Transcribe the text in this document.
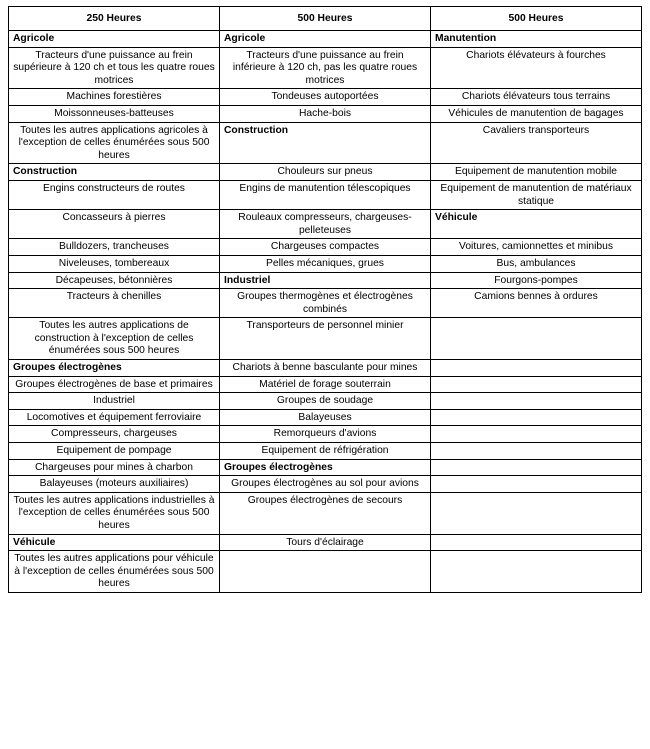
250 Heures	500 Heures	500 Heures
Agricole	Agricole	Manutention
Tracteurs d'une puissance au frein supérieure à 120 ch et tous les quatre roues motrices	Tracteurs d'une puissance au frein inférieure à 120 ch, pas les quatre roues motrices	Chariots élévateurs à fourches
Machines forestières	Tondeuses autoportées	Chariots élévateurs tous terrains
Moissonneuses-batteuses	Hache-bois	Véhicules de manutention de bagages
Toutes les autres applications agricoles à l'exception de celles énumérées sous 500 heures	Construction	Cavaliers transporteurs
Construction	Chouleurs sur pneus	Equipement de manutention mobile
Engins constructeurs de routes	Engins de manutention télescopiques	Equipement de manutention de matériaux statique
Concasseurs à pierres	Rouleaux compresseurs, chargeuses-pelleteuses	Véhicule
Bulldozers, trancheuses	Chargeuses compactes	Voitures, camionnettes et minibus
Niveleuses, tombereaux	Pelles mécaniques, grues	Bus, ambulances
Décapeuses, bétonnières	Industriel	Fourgons-pompes
Tracteurs à chenilles	Groupes thermogènes et électrogènes combinés	Camions bennes à ordures
Toutes les autres applications de construction à l'exception de celles énumérées sous 500 heures	Transporteurs de personnel minier	
Groupes électrogènes	Chariots à benne basculante pour mines	
Groupes électrogènes de base et primaires	Matériel de forage souterrain	
Industriel	Groupes de soudage	
Locomotives et équipement ferroviaire	Balayeuses	
Compresseurs, chargeuses	Remorqueurs d'avions	
Equipement de pompage	Equipement de réfrigération	
Chargeuses pour mines à charbon	Groupes électrogènes	
Balayeuses (moteurs auxiliaires)	Groupes électrogènes au sol pour avions	
Toutes les autres applications industrielles à l'exception de celles énumérées sous 500 heures	Groupes électrogènes de secours	
Véhicule	Tours d'éclairage	
Toutes les autres applications pour véhicule à l'exception de celles énumérées sous 500 heures		
